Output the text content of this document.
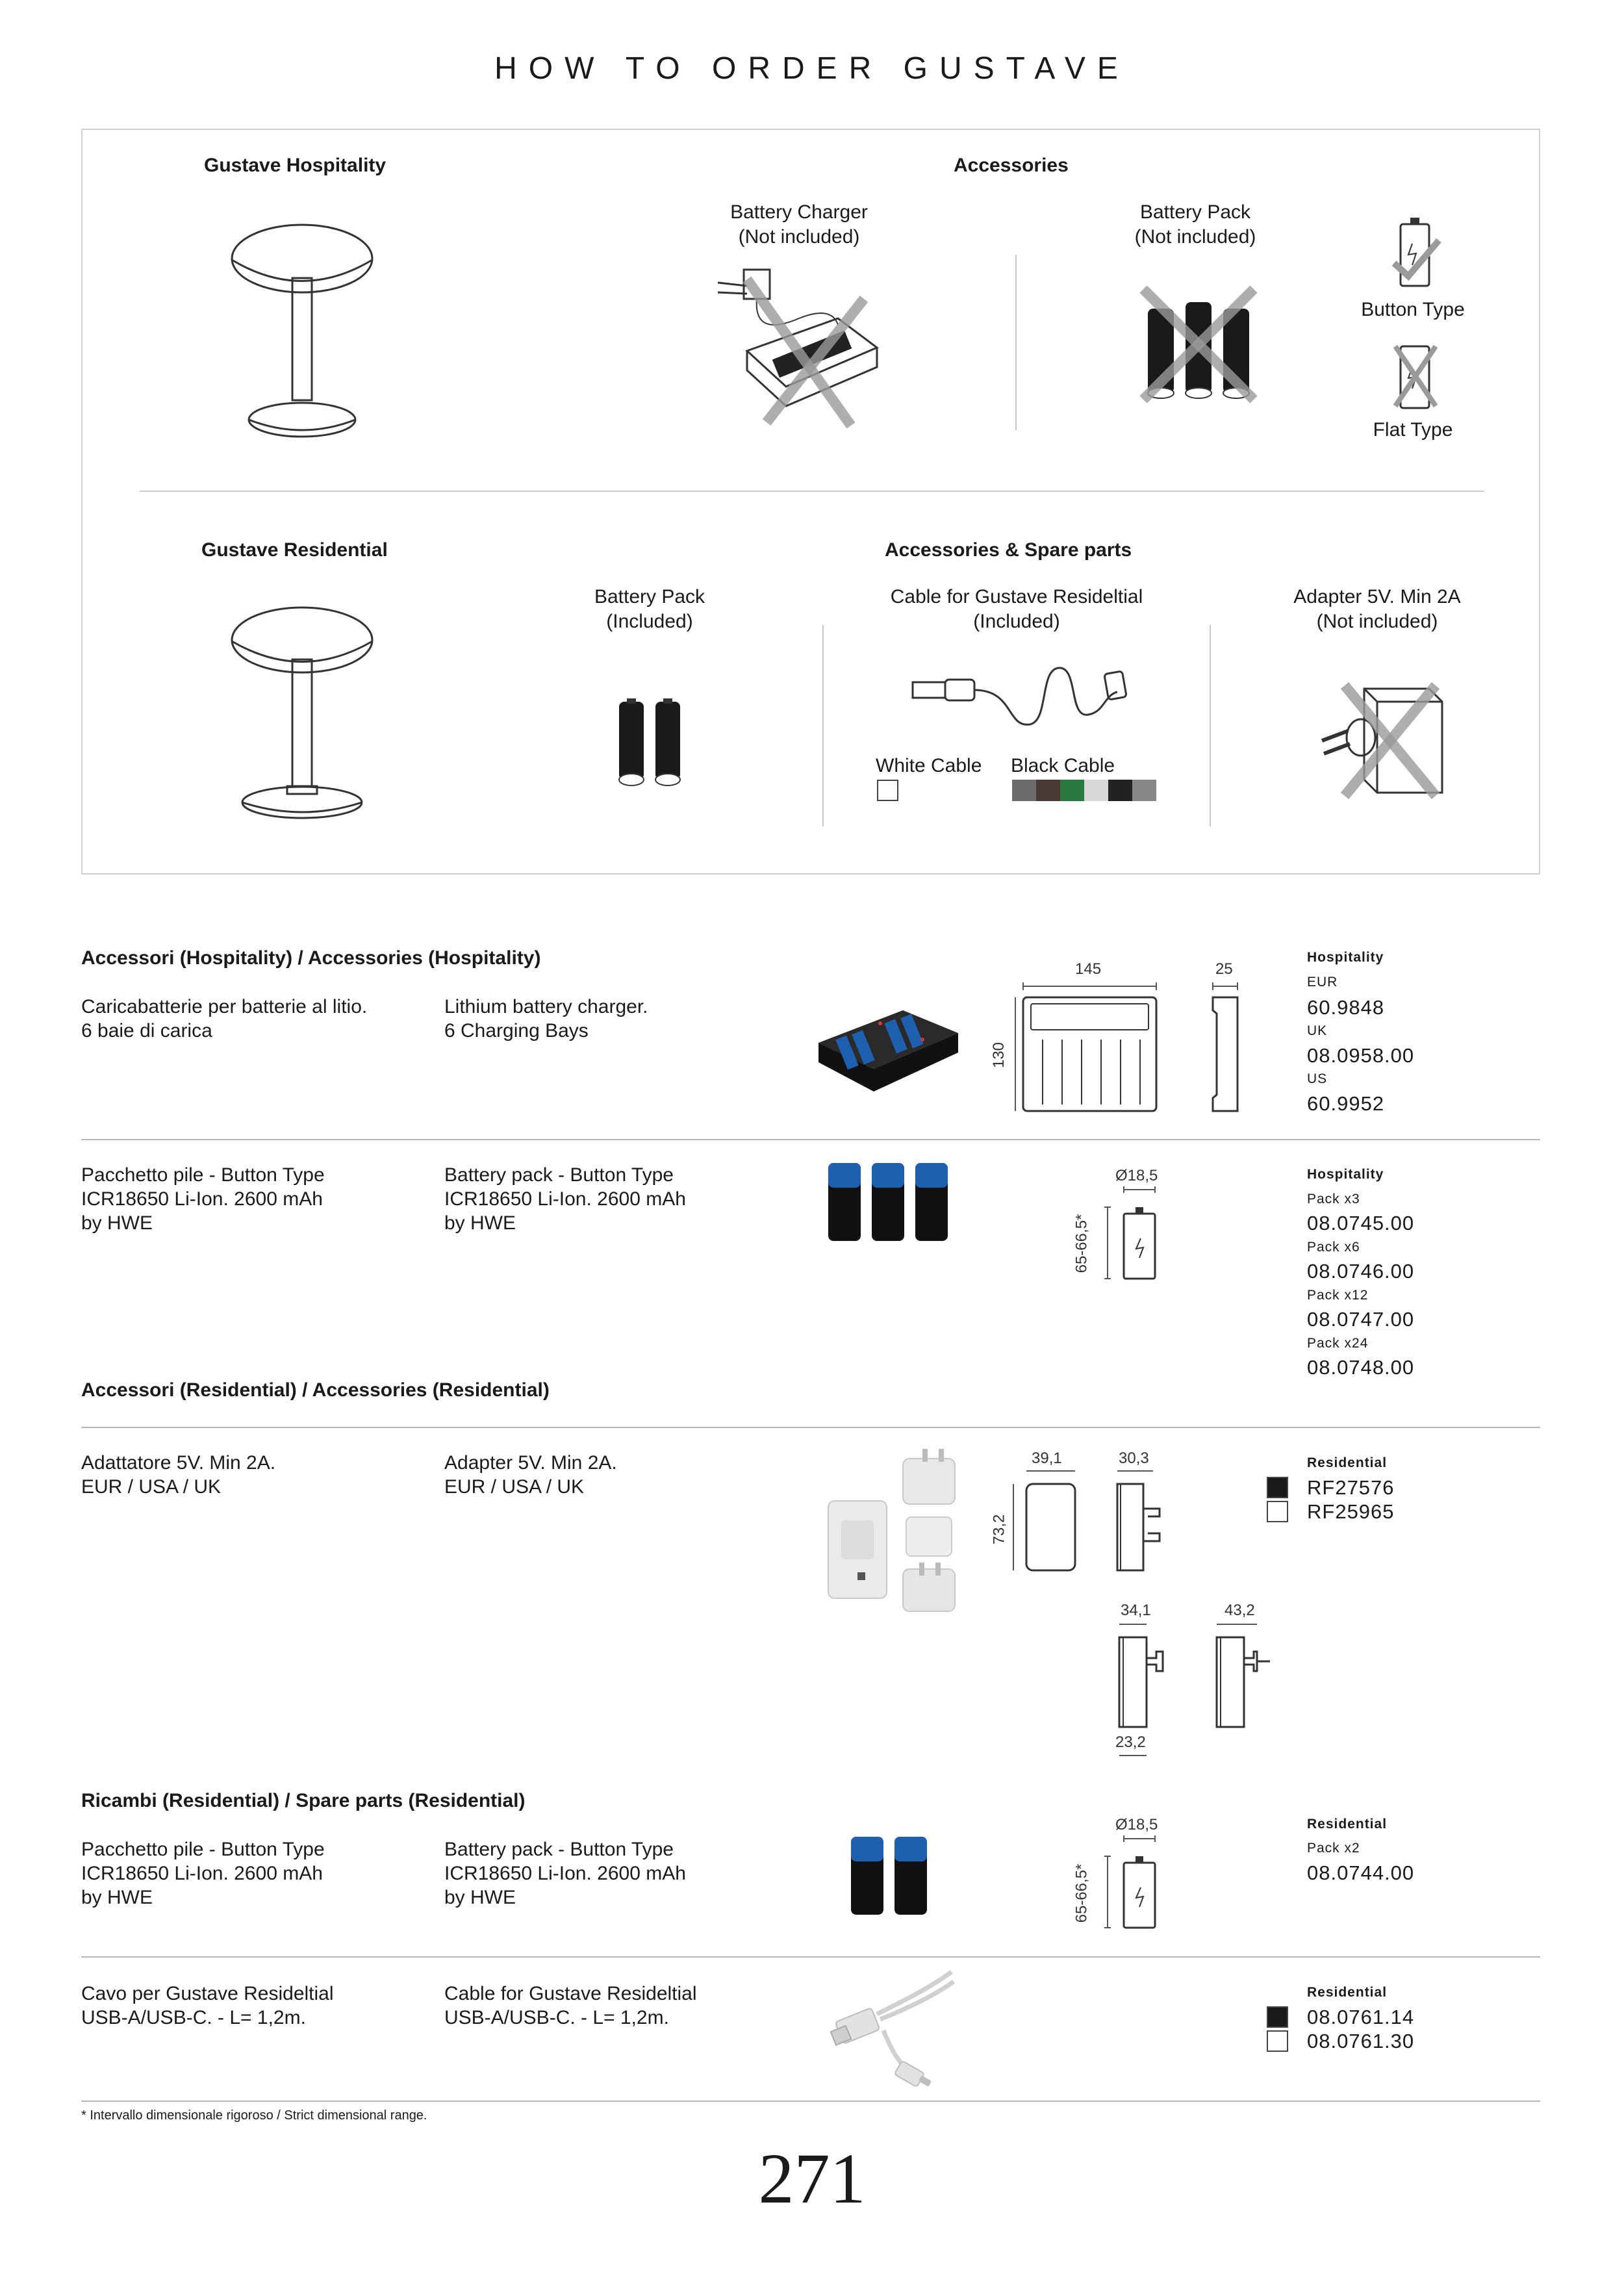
HOW TO ORDER GUSTAVE
Gustave Hospitality	Accessories
Battery Charger
(Not included)
Battery Pack
(Not included)
Button Type
Flat Type
Gustave Residential	Accessories & Spare parts
Battery Pack
(Included)
Cable for Gustave Resideltial
(Included)
White Cable Black Cable
Adapter 5V. Min 2A
(Not included)
Accessori (Hospitality) / Accessories (Hospitality)
Caricabatterie per batterie al litio.
6 baie di carica
Lithium battery charger.
6 Charging Bays
145	25
130
Hospitality
EUR
60.9848
UK
08.0958.00
US
60.9952
Pacchetto pile - Button Type
ICR18650 Li-Ion. 2600 mAh
by HWE
Battery pack - Button Type
ICR18650 Li-Ion. 2600 mAh
by HWE
Ø18,5
65-66,5*
Hospitality
Pack x3
08.0745.00
Pack x6
08.0746.00
Pack x12
08.0747.00
Pack x24
08.0748.00
Accessori (Residential) / Accessories (Residential)
Adattatore 5V. Min 2A.
EUR / USA / UK
Adapter 5V. Min 2A.
EUR / USA / UK
39,1	30,3
73,2
34,1	43,2
23,2
Residential
RF27576
RF25965
Ricambi (Residential) / Spare parts (Residential)
Pacchetto pile - Button Type
ICR18650 Li-Ion. 2600 mAh
by HWE
Battery pack - Button Type
ICR18650 Li-Ion. 2600 mAh
by HWE
Ø18,5
65-66,5*
Residential
Pack x2
08.0744.00
Cavo per Gustave Resideltial
USB-A/USB-C. - L= 1,2m.
Cable for Gustave Resideltial
USB-A/USB-C. - L= 1,2m.
Residential
08.0761.14
08.0761.30
* Intervallo dimensionale rigoroso / Strict dimensional range.
271
